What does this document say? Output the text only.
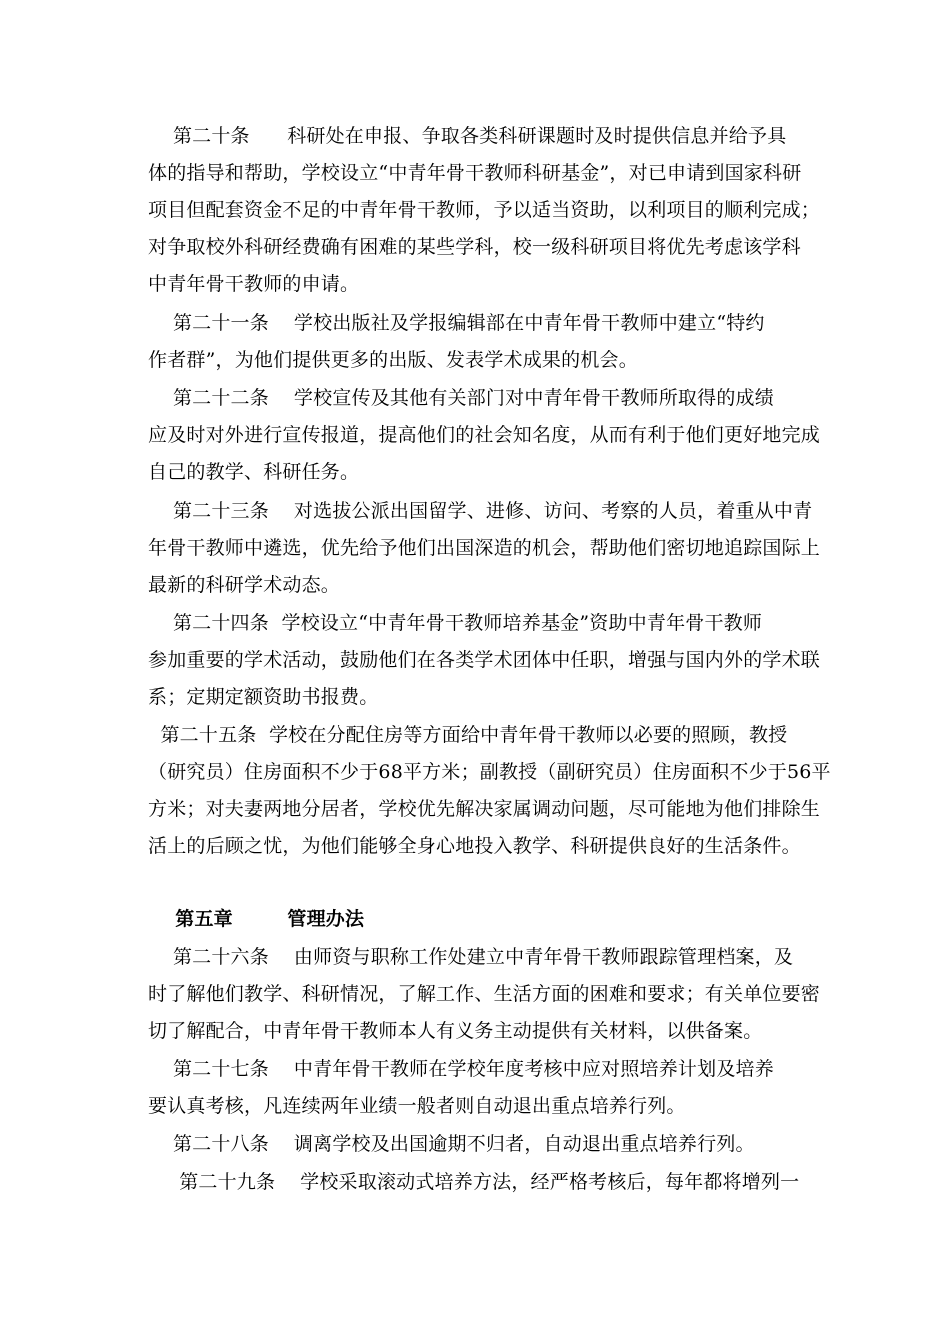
第二十条      科研处在申报、争取各类科研课题时及时提供信息并给予具
体的指导和帮助，学校设立“中青年骨干教师科研基金”，对已申请到国家科研
项目但配套资金不足的中青年骨干教师，予以适当资助，以利项目的顺利完成；
对争取校外科研经费确有困难的某些学科，校一级科研项目将优先考虑该学科
中青年骨干教师的申请。
第二十一条    学校出版社及学报编辑部在中青年骨干教师中建立“特约
作者群”，为他们提供更多的出版、发表学术成果的机会。
第二十二条    学校宣传及其他有关部门对中青年骨干教师所取得的成绩
应及时对外进行宣传报道，提高他们的社会知名度，从而有利于他们更好地完成
自己的教学、科研任务。
第二十三条    对选拔公派出国留学、进修、访问、考察的人员，着重从中青
年骨干教师中遴选，优先给予他们出国深造的机会，帮助他们密切地追踪国际上
最新的科研学术动态。
第二十四条  学校设立“中青年骨干教师培养基金”资助中青年骨干教师
参加重要的学术活动，鼓励他们在各类学术团体中任职，增强与国内外的学术联
系；定期定额资助书报费。
第二十五条  学校在分配住房等方面给中青年骨干教师以必要的照顾，教授
（研究员）住房面积不少于68平方米；副教授（副研究员）住房面积不少于56平
方米；对夫妻两地分居者，学校优先解决家属调动问题，尽可能地为他们排除生
活上的后顾之忧，为他们能够全身心地投入教学、科研提供良好的生活条件。
第五章        管理办法
第二十六条    由师资与职称工作处建立中青年骨干教师跟踪管理档案，及
时了解他们教学、科研情况，了解工作、生活方面的困难和要求；有关单位要密
切了解配合，中青年骨干教师本人有义务主动提供有关材料，以供备案。
第二十七条    中青年骨干教师在学校年度考核中应对照培养计划及培养
要认真考核，凡连续两年业绩一般者则自动退出重点培养行列。
第二十八条    调离学校及出国逾期不归者，自动退出重点培养行列。
第二十九条    学校采取滚动式培养方法，经严格考核后，每年都将增列一
